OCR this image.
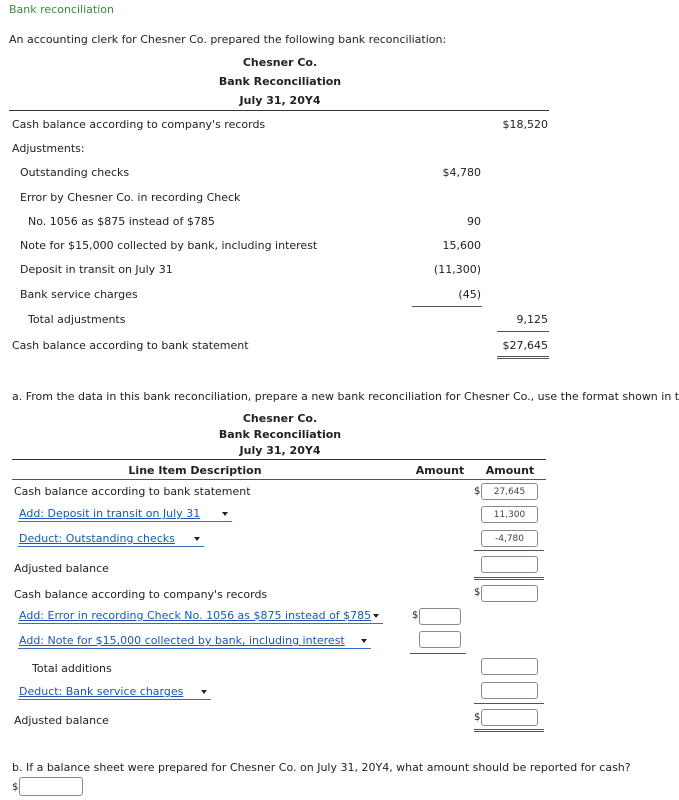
Bank reconciliation
An accounting clerk for Chesner Co. prepared the following bank reconciliation:
Chesner Co.
Bank Reconciliation
July 31, 20Y4
Cash balance according to company's records	$18,520
Adjustments:
Outstanding checks	$4,780
Error by Chesner Co. in recording Check
No. 1056 as $875 instead of $785	90
Note for $15,000 collected by bank, including interest	15,600
Deposit in transit on July 31	(11,300)
Bank service charges	(45)
Total adjustments	9,125
Cash balance according to bank statement	$27,645
a. From the data in this bank reconciliation, prepare a new bank reconciliation for Chesner Co., use the format shown in t
Chesner Co.
Bank Reconciliation
July 31, 20Y4
Line Item Description	Amount	Amount
Cash balance according to bank statement	$	27,645
Add: Deposit in transit on July 31	11,300
Deduct: Outstanding checks	-4,780
Adjusted balance
Cash balance according to company's records	$
Add: Error in recording Check No. 1056 as $875 instead of $785	$
Add: Note for $15,000 collected by bank, including interest
Total additions
Deduct: Bank service charges
Adjusted balance	$
b. If a balance sheet were prepared for Chesner Co. on July 31, 20Y4, what amount should be reported for cash?
$
